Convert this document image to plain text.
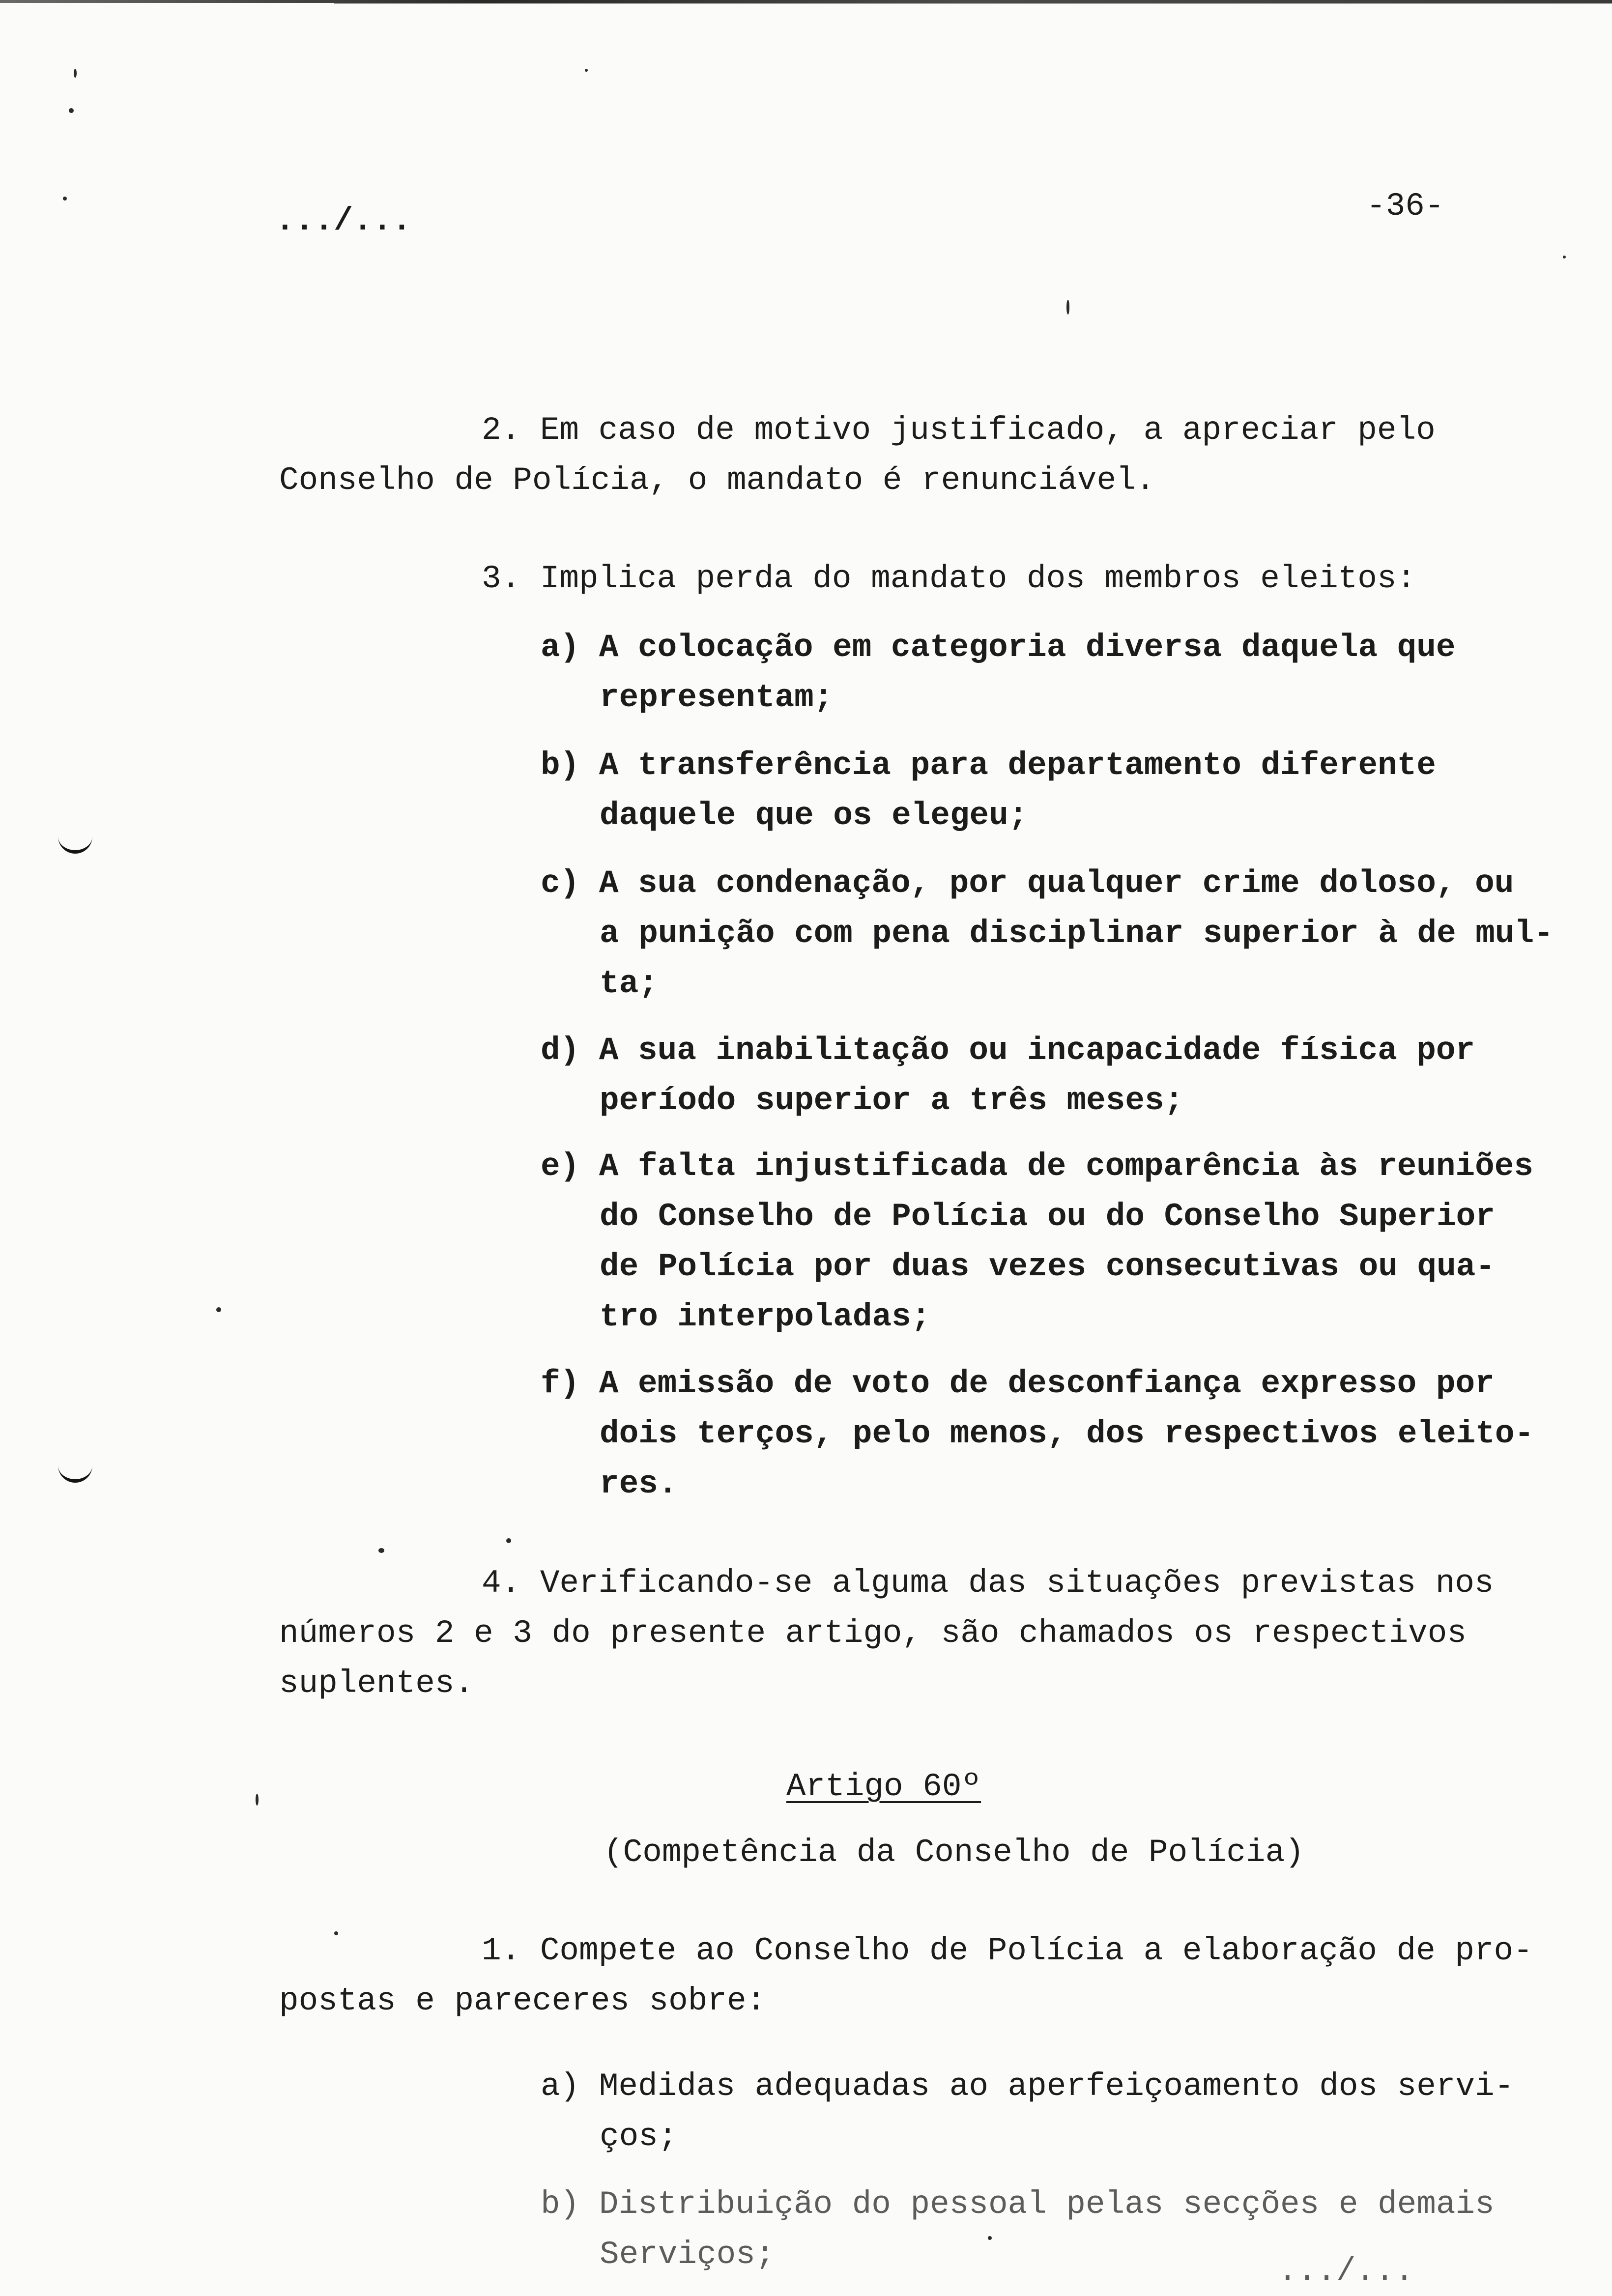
.../...	-36-
2. Em caso de motivo justificado, a apreciar pelo
Conselho de Polícia, o mandato é renunciável.
3. Implica perda do mandato dos membros eleitos:
a) A colocação em categoria diversa daquela que
representam;
b) A transferência para departamento diferente
daquele que os elegeu;
c) A sua condenação, por qualquer crime doloso, ou
a punição com pena disciplinar superior à de mul-
ta;
d) A sua inabilitação ou incapacidade física por
período superior a três meses;
e) A falta injustificada de comparência às reuniões
do Conselho de Polícia ou do Conselho Superior
de Polícia por duas vezes consecutivas ou qua-
tro interpoladas;
f) A emissão de voto de desconfiança expresso por
dois terços, pelo menos, dos respectivos eleito-
res.
4. Verificando-se alguma das situações previstas nos
números 2 e 3 do presente artigo, são chamados os respectivos
suplentes.
Artigo 60º
(Competência da Conselho de Polícia)
1. Compete ao Conselho de Polícia a elaboração de pro-
postas e pareceres sobre:
a) Medidas adequadas ao aperfeiçoamento dos servi-
ços;
b) Distribuição do pessoal pelas secções e demais
Serviços;	.../...
